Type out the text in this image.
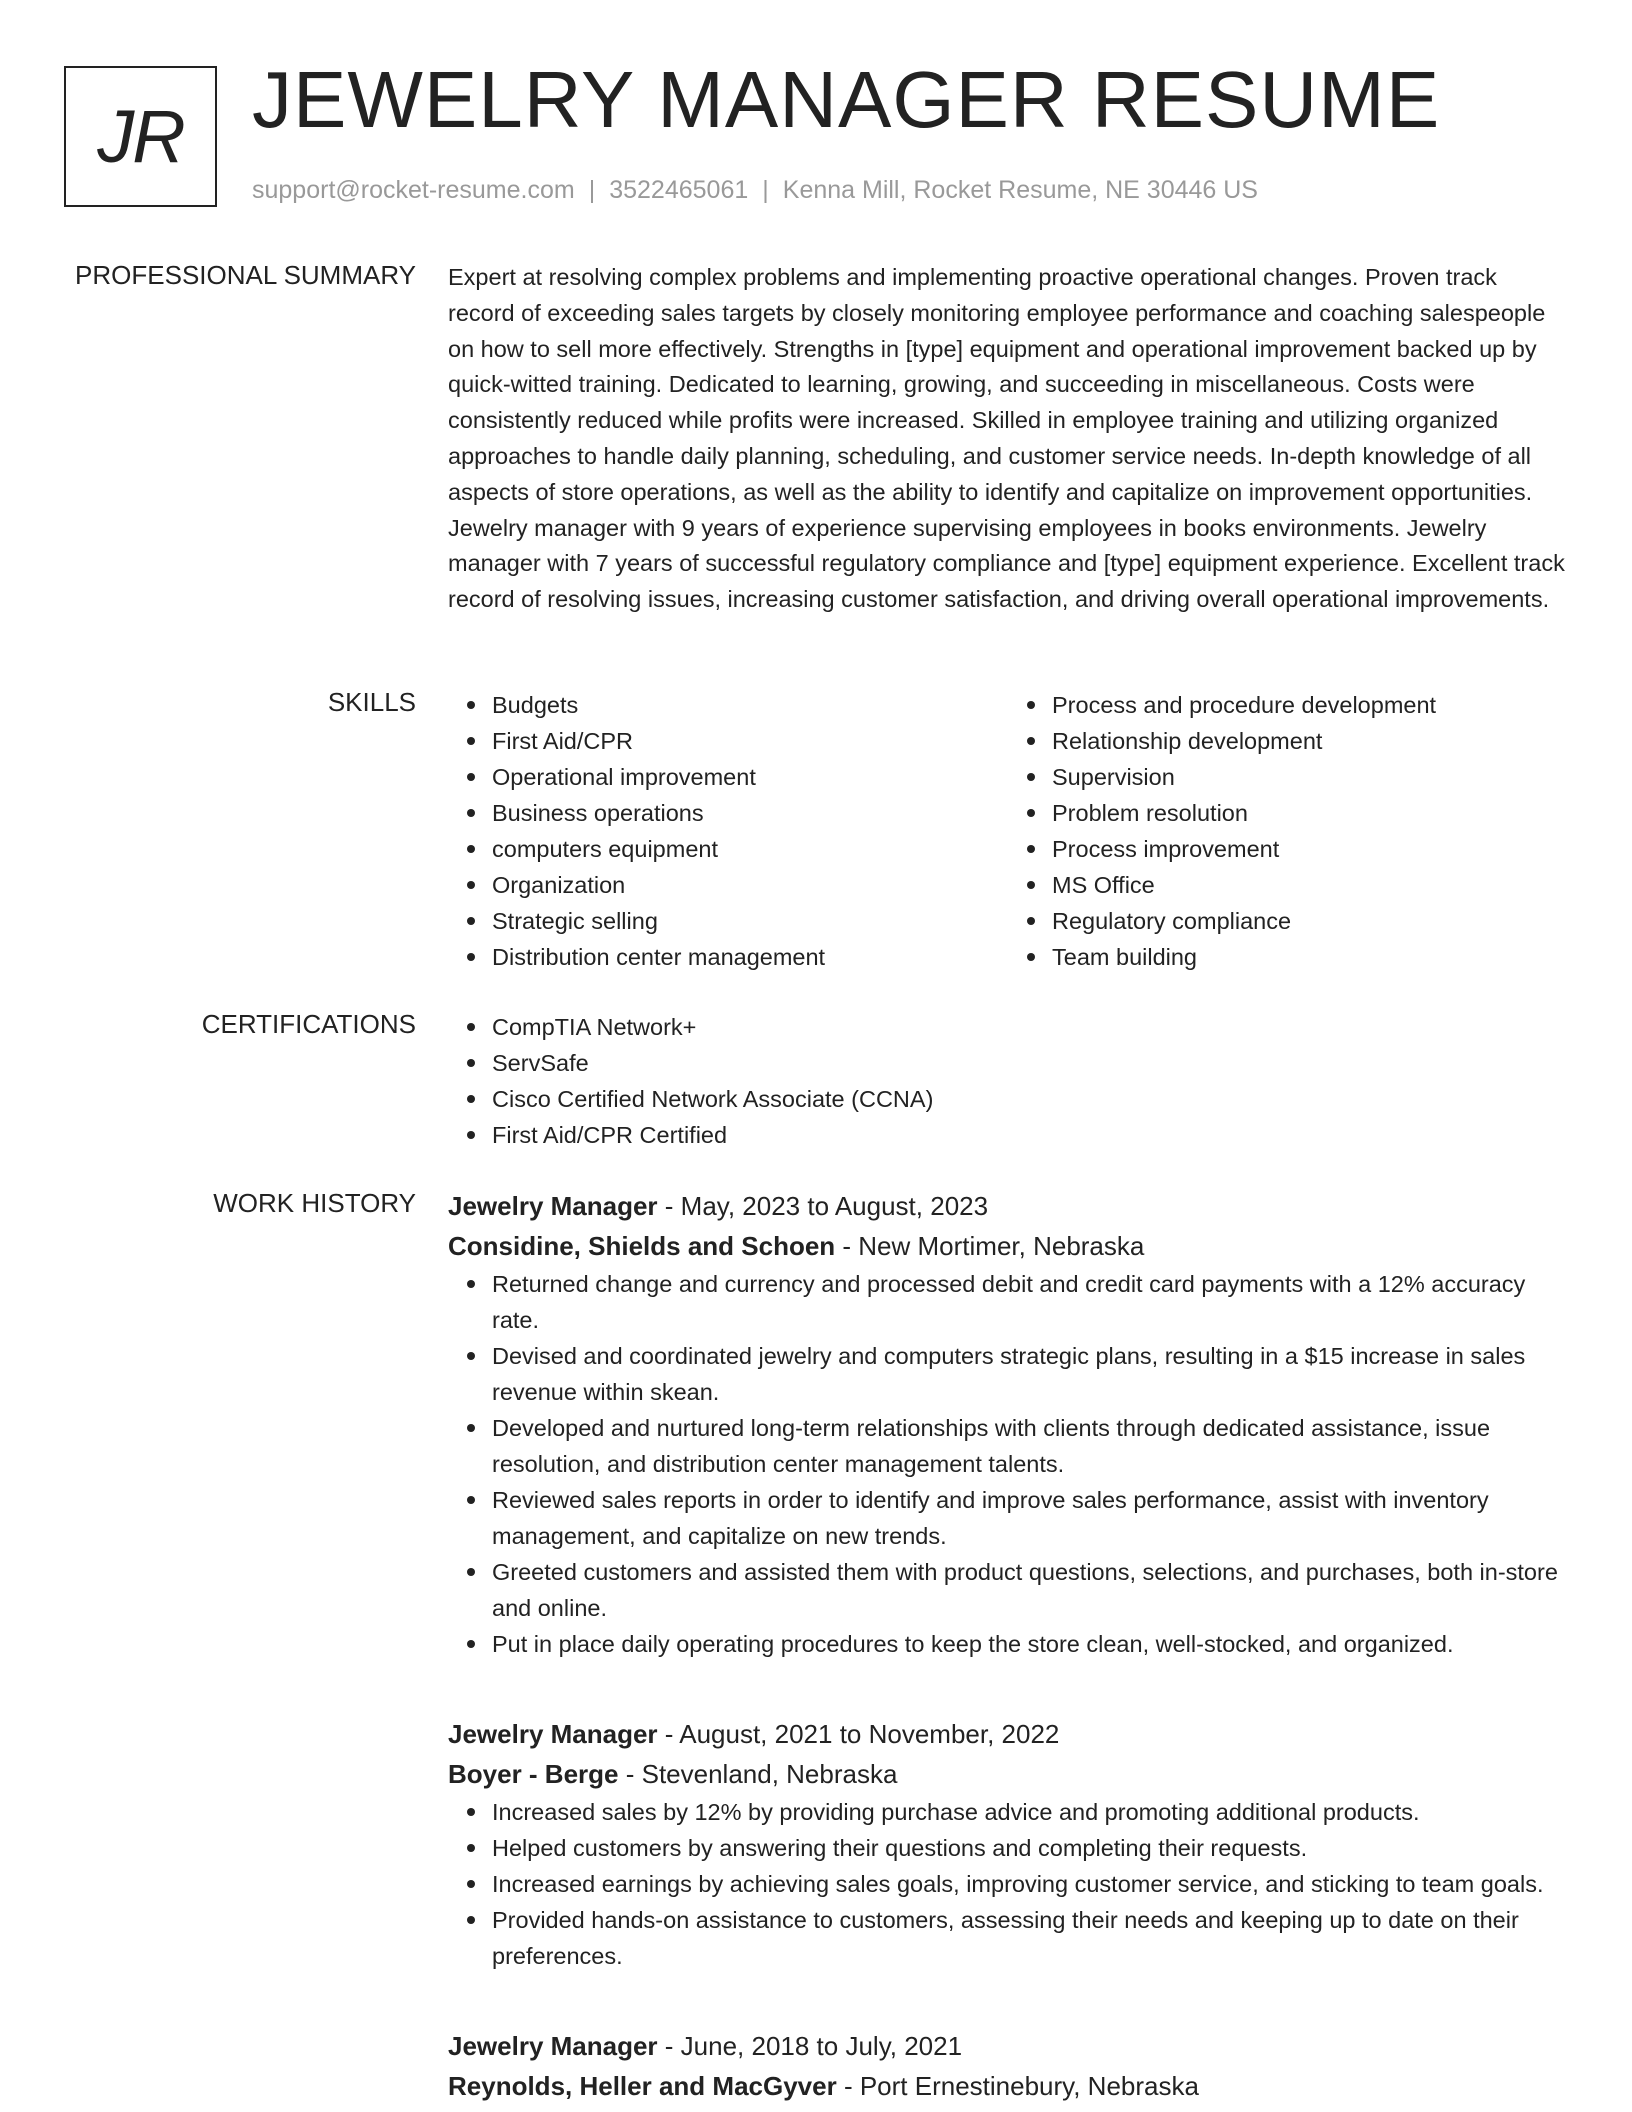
JR JEWELRY MANAGER RESUME
support@rocket-resume.com | 3522465061 | Kenna Mill, Rocket Resume, NE 30446 US
PROFESSIONAL SUMMARY Expert at resolving complex problems and implementing proactive operational changes. Proven track record of exceeding sales targets by closely monitoring employee performance and coaching salespeople on how to sell more effectively. Strengths in [type] equipment and operational improvement backed up by quick-witted training. Dedicated to learning, growing, and succeeding in miscellaneous. Costs were consistently reduced while profits were increased. Skilled in employee training and utilizing organized approaches to handle daily planning, scheduling, and customer service needs. In-depth knowledge of all aspects of store operations, as well as the ability to identify and capitalize on improvement opportunities. Jewelry manager with 9 years of experience supervising employees in books environments. Jewelry manager with 7 years of successful regulatory compliance and [type] equipment experience. Excellent track record of resolving issues, increasing customer satisfaction, and driving overall operational improvements.
SKILLS	Budgets
First Aid/CPR
Operational improvement
Business operations
computers equipment
Organization
Strategic selling
Distribution center management
Process and procedure development
Relationship development
Supervision
Problem resolution
Process improvement
MS Office
Regulatory compliance
Team building
CERTIFICATIONS	CompTIA Network+
ServSafe
Cisco Certified Network Associate (CCNA)
First Aid/CPR Certified
WORK HISTORY Jewelry Manager - May, 2023 to August, 2023
Considine, Shields and Schoen - New Mortimer, Nebraska
Returned change and currency and processed debit and credit card payments with a 12% accuracy rate.
Devised and coordinated jewelry and computers strategic plans, resulting in a $15 increase in sales revenue within skean.
Developed and nurtured long-term relationships with clients through dedicated assistance, issue resolution, and distribution center management talents.
Reviewed sales reports in order to identify and improve sales performance, assist with inventory management, and capitalize on new trends.
Greeted customers and assisted them with product questions, selections, and purchases, both in-store and online.
Put in place daily operating procedures to keep the store clean, well-stocked, and organized.
Jewelry Manager - August, 2021 to November, 2022
Boyer - Berge - Stevenland, Nebraska
Increased sales by 12% by providing purchase advice and promoting additional products.
Helped customers by answering their questions and completing their requests.
Increased earnings by achieving sales goals, improving customer service, and sticking to team goals.
Provided hands-on assistance to customers, assessing their needs and keeping up to date on their preferences.
Jewelry Manager - June, 2018 to July, 2021
Reynolds, Heller and MacGyver - Port Ernestinebury, Nebraska
